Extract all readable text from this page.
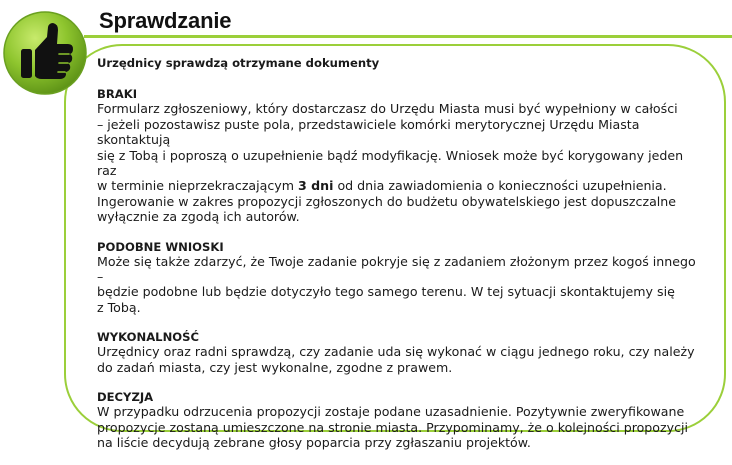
Sprawdzanie
Urzędnicy sprawdzą otrzymane dokumenty
BRAKI

Formularz zgłoszeniowy, który dostarczasz do Urzędu Miasta musi być wypełniony w całości
– jeżeli pozostawisz puste pola, przedstawiciele komórki merytorycznej Urzędu Miasta skontaktują
się z Tobą i poproszą o uzupełnienie bądź modyfikację. Wniosek może być korygowany jeden raz
w terminie nieprzekraczającym 3 dni od dnia zawiadomienia o konieczności uzupełnienia.
Ingerowanie w zakres propozycji zgłoszonych do budżetu obywatelskiego jest dopuszczalne
wyłącznie za zgodą ich autorów.

PODOBNE WNIOSKI

Może się także zdarzyć, że Twoje zadanie pokryje się z zadaniem złożonym przez kogoś innego –
będzie podobne lub będzie dotyczyło tego samego terenu. W tej sytuacji skontaktujemy się
z Tobą.

WYKONALNOŚĆ

Urzędnicy oraz radni sprawdzą, czy zadanie uda się wykonać w ciągu jednego roku, czy należy
do zadań miasta, czy jest wykonalne, zgodne z prawem.

DECYZJA

W przypadku odrzucenia propozycji zostaje podane uzasadnienie. Pozytywnie zweryfikowane
propozycje zostaną umieszczone na stronie miasta. Przypominamy, że o kolejności propozycji
na liście decydują zebrane głosy poparcia przy zgłaszaniu projektów.
